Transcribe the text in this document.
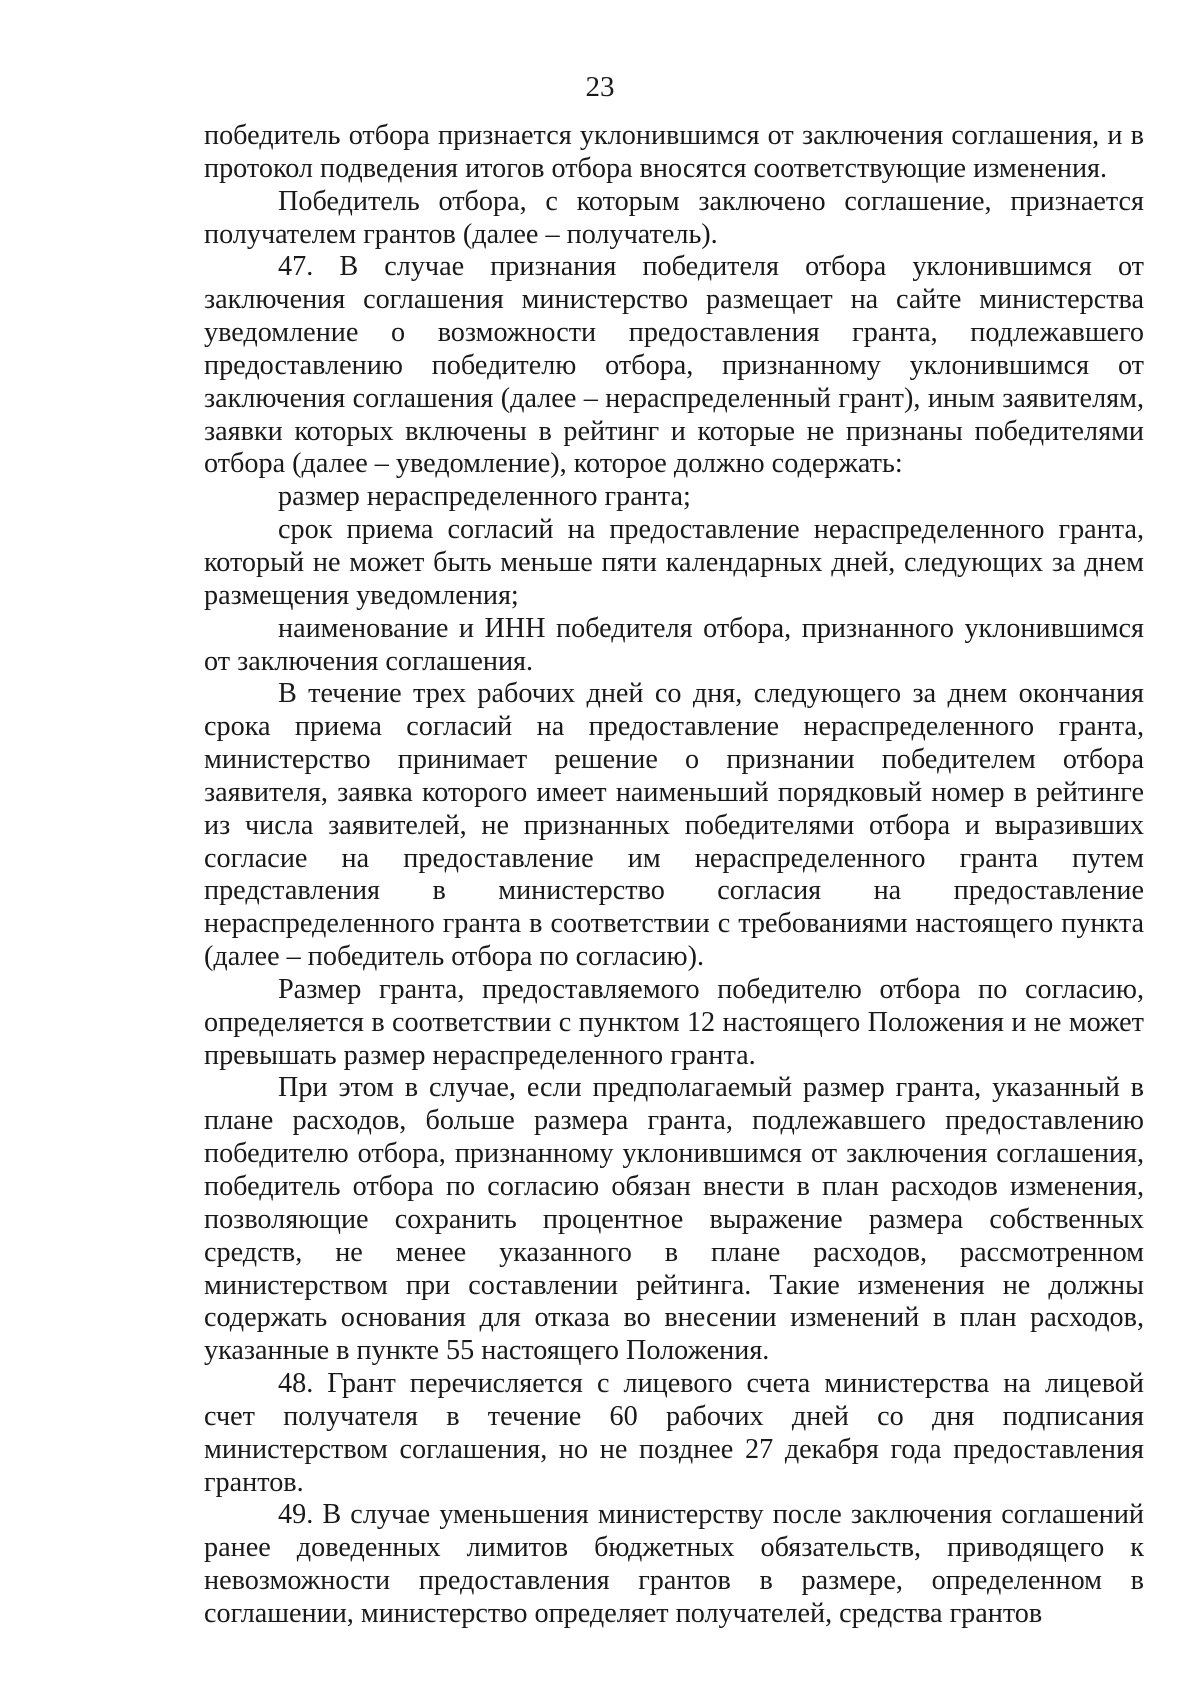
23

победитель отбора признается уклонившимся от заключения соглашения, и в протокол подведения итогов отбора вносятся соответствующие изменения.

Победитель отбора, с которым заключено соглашение, признается получателем грантов (далее – получатель).

47. В случае признания победителя отбора уклонившимся от заключения соглашения министерство размещает на сайте министерства уведомление о возможности предоставления гранта, подлежавшего предоставлению победителю отбора, признанному уклонившимся от заключения соглашения (далее – нераспределенный грант), иным заявителям, заявки которых включены в рейтинг и которые не признаны победителями отбора (далее – уведомление), которое должно содержать:

размер нераспределенного гранта;

срок приема согласий на предоставление нераспределенного гранта, который не может быть меньше пяти календарных дней, следующих за днем размещения уведомления;

наименование и ИНН победителя отбора, признанного уклонившимся от заключения соглашения.

В течение трех рабочих дней со дня, следующего за днем окончания срока приема согласий на предоставление нераспределенного гранта, министерство принимает решение о признании победителем отбора заявителя, заявка которого имеет наименьший порядковый номер в рейтинге из числа заявителей, не признанных победителями отбора и выразивших согласие на предоставление им нераспределенного гранта путем представления в министерство согласия на предоставление нераспределенного гранта в соответствии с требованиями настоящего пункта (далее – победитель отбора по согласию).

Размер гранта, предоставляемого победителю отбора по согласию, определяется в соответствии с пунктом 12 настоящего Положения и не может превышать размер нераспределенного гранта.

При этом в случае, если предполагаемый размер гранта, указанный в плане расходов, больше размера гранта, подлежавшего предоставлению победителю отбора, признанному уклонившимся от заключения соглашения, победитель отбора по согласию обязан внести в план расходов изменения, позволяющие сохранить процентное выражение размера собственных средств, не менее указанного в плане расходов, рассмотренном министерством при составлении рейтинга. Такие изменения не должны содержать основания для отказа во внесении изменений в план расходов, указанные в пункте 55 настоящего Положения.

48. Грант перечисляется с лицевого счета министерства на лицевой счет получателя в течение 60 рабочих дней со дня подписания министерством соглашения, но не позднее 27 декабря года предоставления грантов.

49. В случае уменьшения министерству после заключения соглашений ранее доведенных лимитов бюджетных обязательств, приводящего к невозможности предоставления грантов в размере, определенном в соглашении, министерство определяет получателей, средства грантов
